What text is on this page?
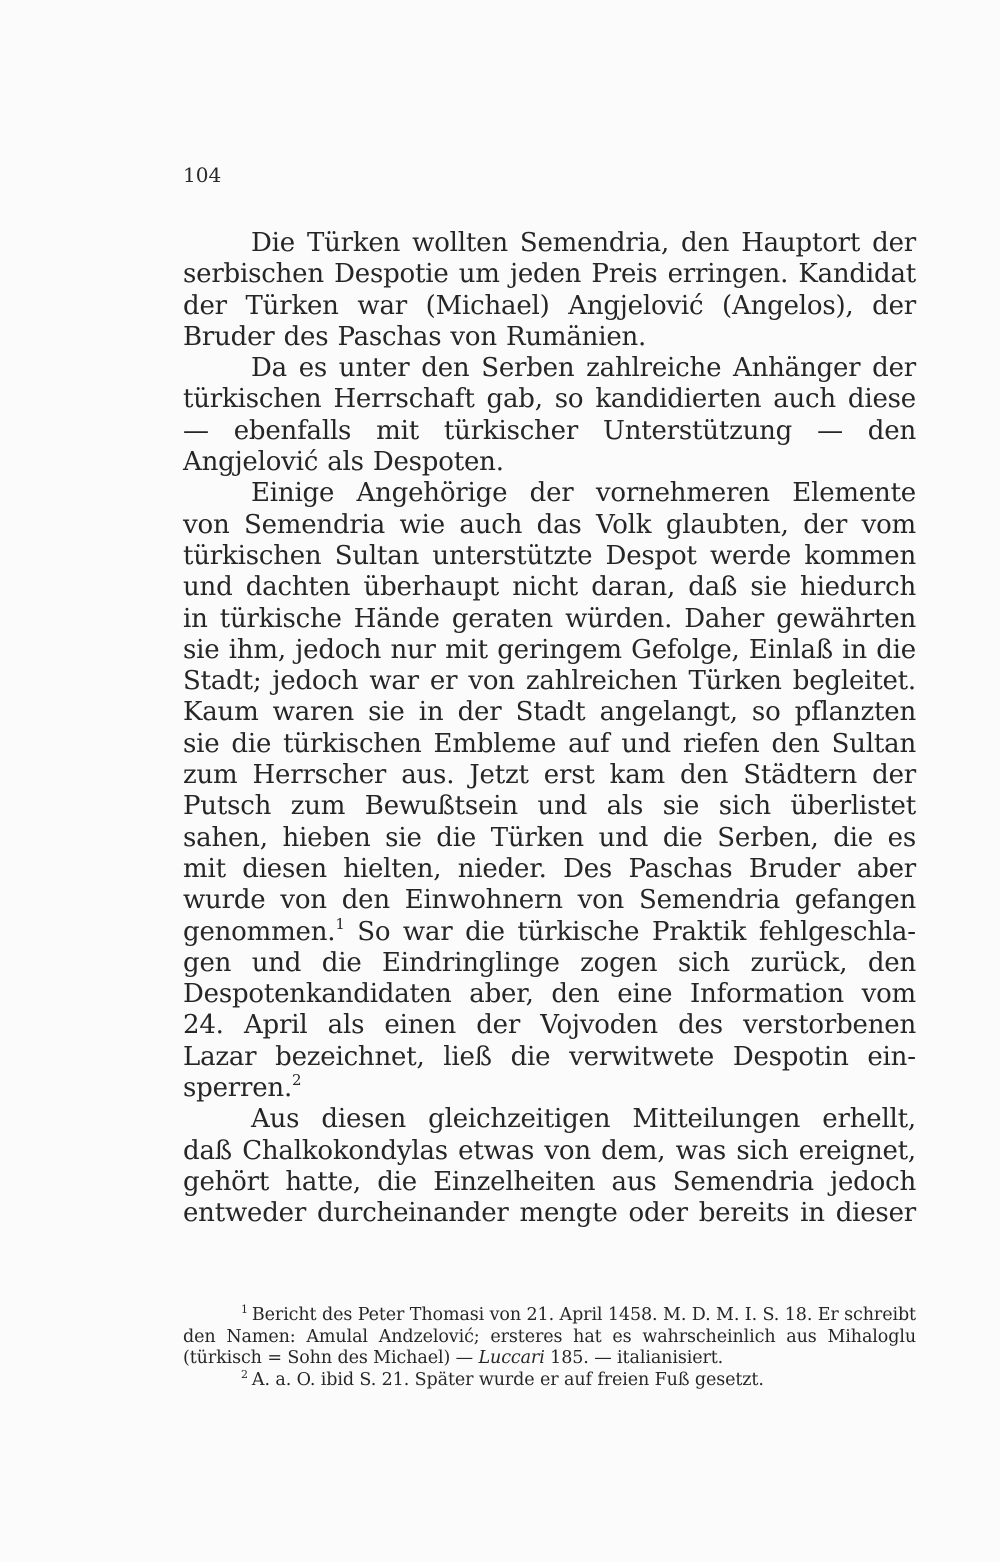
104

Die Türken wollten Semendria, den Hauptort der serbischen Despotie um jeden Preis erringen. Kandidat der Türken war (Michael) Angjelović (Angelos), der Bruder des Paschas von Rumänien.

Da es unter den Serben zahlreiche Anhänger der türkischen Herrschaft gab, so kandidierten auch diese — ebenfalls mit türkischer Unterstützung — den Angjelović als Despoten.

Einige Angehörige der vornehmeren Elemente von Semendria wie auch das Volk glaubten, der vom türkischen Sultan unterstützte Despot werde kommen und dachten überhaupt nicht daran, daß sie hiedurch in türkische Hände geraten würden. Daher gewährten sie ihm, jedoch nur mit geringem Gefolge, Einlaß in die Stadt; jedoch war er von zahlreichen Türken begleitet. Kaum waren sie in der Stadt angelangt, so pflanzten sie die türkischen Embleme auf und riefen den Sultan zum Herrscher aus. Jetzt erst kam den Städtern der Putsch zum Bewußtsein und als sie sich überlistet sahen, hieben sie die Türken und die Serben, die es mit diesen hielten, nieder. Des Paschas Bruder aber wurde von den Einwohnern von Semendria gefangen genommen.$^1$ So war die türkische Praktik fehlgeschlagen und die Eindringlinge zogen sich zurück, den Despotenkandidaten aber, den eine Information vom 24. April als einen der Vojvoden des verstorbenen Lazar bezeichnet, ließ die verwitwete Despotin einsperren.$^2$

Aus diesen gleichzeitigen Mitteilungen erhellt, daß Chalkokondylas etwas von dem, was sich ereignet, gehört hatte, die Einzelheiten aus Semendria jedoch entweder durcheinander mengte oder bereits in dieser

$^1$ Bericht des Peter Thomasi von 21. April 1458. M. D. M. I. S. 18. Er schreibt den Namen: Amulal Andzelović; ersteres hat es wahrscheinlich aus Mihaloglu (türkisch = Sohn des Michael) — Luccari 185. — italianisiert.

$^2$ A. a. O. ibid S. 21. Später wurde er auf freien Fuß gesetzt.
